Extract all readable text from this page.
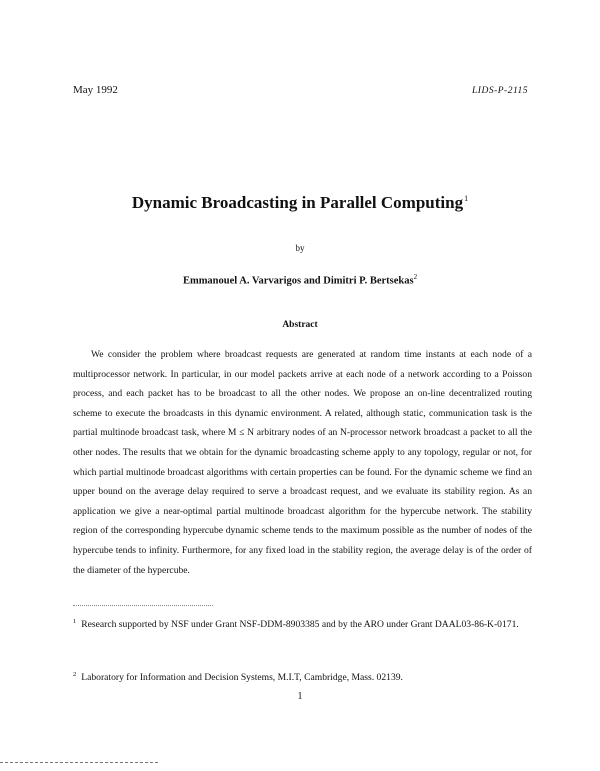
May 1992	LIDS-P-2115
Dynamic Broadcasting in Parallel Computing$^1$
by
Emmanouel A. Varvarigos and Dimitri P. Bertsekas$^2$
Abstract

We consider the problem where broadcast requests are generated at random time instants at each node of a multiprocessor network. In particular, in our model packets arrive at each node of a network according to a Poisson process, and each packet has to be broadcast to all the other nodes. We propose an on-line decentralized routing scheme to execute the broadcasts in this dynamic environment. A related, although static, communication task is the partial multinode broadcast task, where M ≤ N arbitrary nodes of an N-processor network broadcast a packet to all the other nodes. The results that we obtain for the dynamic broadcasting scheme apply to any topology, regular or not, for which partial multinode broadcast algorithms with certain properties can be found. For the dynamic scheme we find an upper bound on the average delay required to serve a broadcast request, and we evaluate its stability region. As an application we give a near-optimal partial multinode broadcast algorithm for the hypercube network. The stability region of the corresponding hypercube dynamic scheme tends to the maximum possible as the number of nodes of the hypercube tends to infinity. Furthermore, for any fixed load in the stability region, the average delay is of the order of the diameter of the hypercube.

$^1$ Research supported by NSF under Grant NSF-DDM-8903385 and by the ARO under Grant DAAL03-86-K-0171.

$^2$ Laboratory for Information and Decision Systems, M.I.T, Cambridge, Mass. 02139.

1
